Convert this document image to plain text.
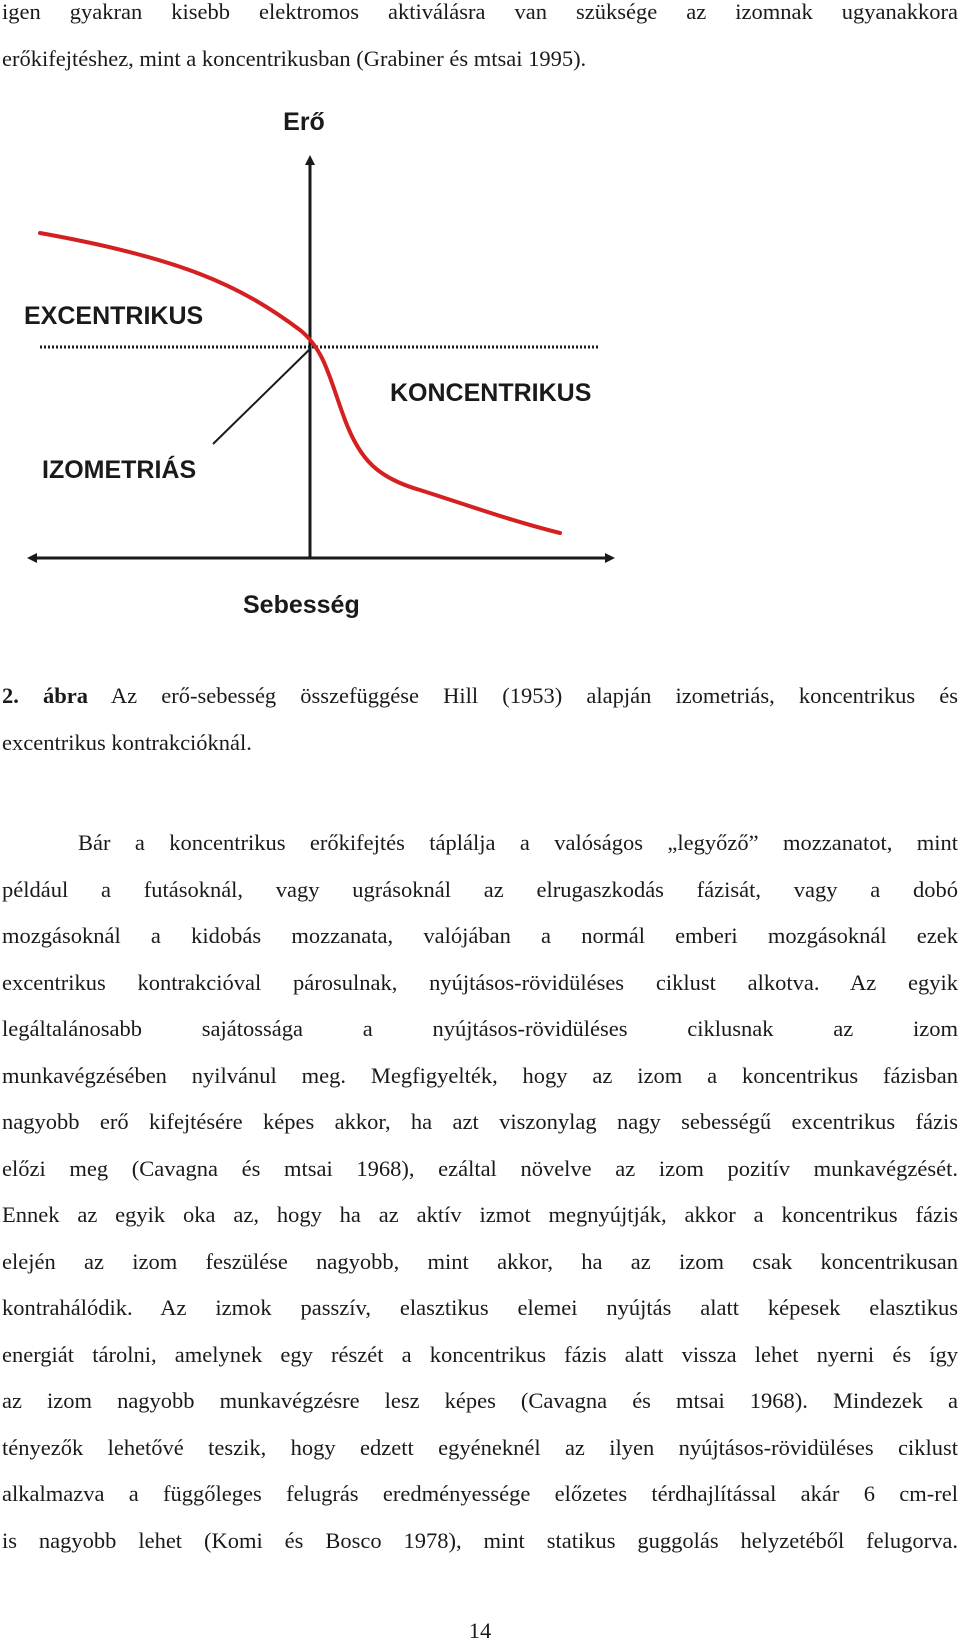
igen gyakran kisebb elektromos aktiválásra van szüksége az izomnak ugyanakkora
erőkifejtéshez, mint a koncentrikusban (Grabiner és mtsai 1995).
Erő
EXCENTRIKUS
KONCENTRIKUS
IZOMETRIÁS
Sebesség
2. ábra Az erő-sebesség összefüggése Hill (1953) alapján izometriás, koncentrikus és
excentrikus kontrakcióknál.
Bár a koncentrikus erőkifejtés táplálja a valóságos „legyőző” mozzanatot, mint
például a futásoknál, vagy ugrásoknál az elrugaszkodás fázisát, vagy a dobó
mozgásoknál a kidobás mozzanata, valójában a normál emberi mozgásoknál ezek
excentrikus kontrakcióval párosulnak, nyújtásos-rövidüléses ciklust alkotva. Az egyik
legáltalánosabb sajátossága a nyújtásos-rövidüléses ciklusnak az izom
munkavégzésében nyilvánul meg. Megfigyelték, hogy az izom a koncentrikus fázisban
nagyobb erő kifejtésére képes akkor, ha azt viszonylag nagy sebességű excentrikus fázis
előzi meg (Cavagna és mtsai 1968), ezáltal növelve az izom pozitív munkavégzését.
Ennek az egyik oka az, hogy ha az aktív izmot megnyújtják, akkor a koncentrikus fázis
elején az izom feszülése nagyobb, mint akkor, ha az izom csak koncentrikusan
kontrahálódik. Az izmok passzív, elasztikus elemei nyújtás alatt képesek elasztikus
energiát tárolni, amelynek egy részét a koncentrikus fázis alatt vissza lehet nyerni és így
az izom nagyobb munkavégzésre lesz képes (Cavagna és mtsai 1968). Mindezek a
tényezők lehetővé teszik, hogy edzett egyéneknél az ilyen nyújtásos-rövidüléses ciklust
alkalmazva a függőleges felugrás eredményessége előzetes térdhajlítással akár 6 cm-rel
is nagyobb lehet (Komi és Bosco 1978), mint statikus guggolás helyzetéből felugorva.
14
